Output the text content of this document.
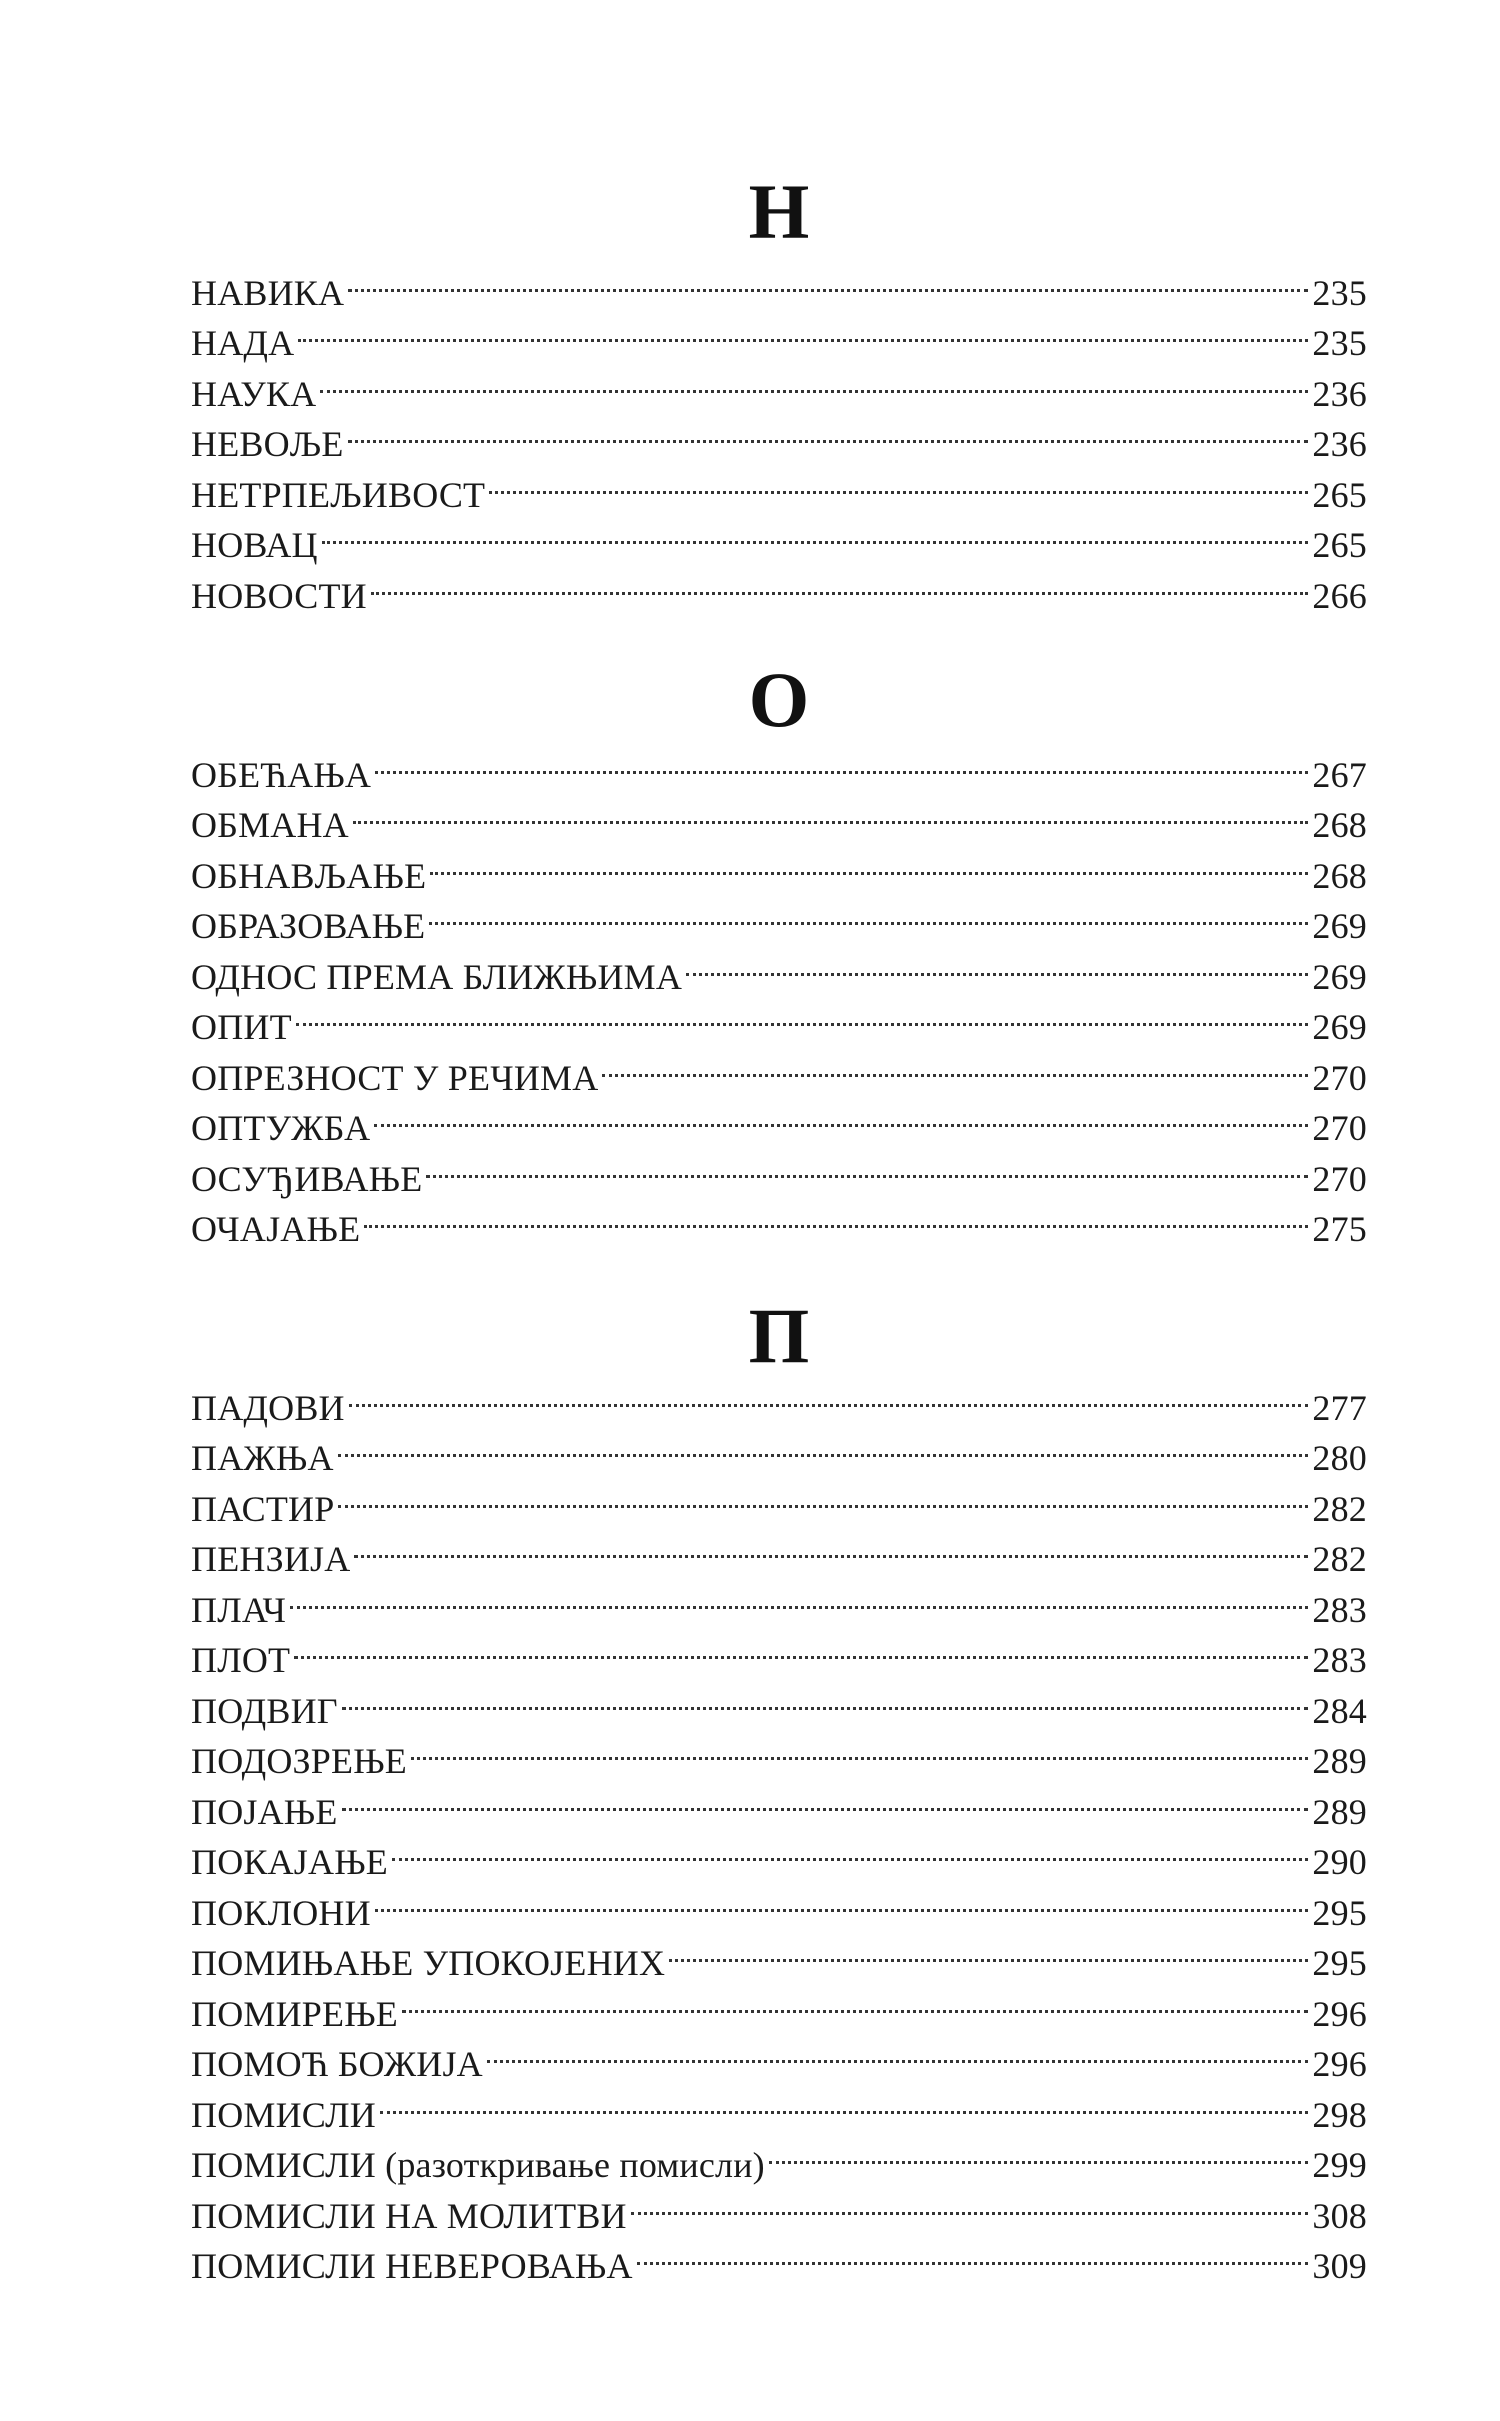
Н
НАВИКА	235
НАДА	235
НАУКА	236
НЕВОЉЕ	236
НЕТРПЕЉИВОСТ	265
НОВАЦ	265
НОВОСТИ	266
О
ОБЕЋАЊА	267
ОБМАНА	268
ОБНАВЉАЊЕ	268
ОБРАЗОВАЊЕ	269
ОДНОС ПРЕМА БЛИЖЊИМА	269
ОПИТ	269
ОПРЕЗНОСТ У РЕЧИМА	270
ОПТУЖБА	270
ОСУЂИВАЊЕ	270
ОЧАЈАЊЕ	275
П
ПАДОВИ	277
ПАЖЊА	280
ПАСТИР	282
ПЕНЗИЈА	282
ПЛАЧ	283
ПЛОТ	283
ПОДВИГ	284
ПОДОЗРЕЊЕ	289
ПОЈАЊЕ	289
ПОКАЈАЊЕ	290
ПОКЛОНИ	295
ПОМИЊАЊЕ УПОКОЈЕНИХ	295
ПОМИРЕЊЕ	296
ПОМОЋ БОЖИЈА	296
ПОМИСЛИ	298
ПОМИСЛИ (разоткривање помисли)	299
ПОМИСЛИ НА МОЛИТВИ	308
ПОМИСЛИ НЕВЕРОВАЊА	309
